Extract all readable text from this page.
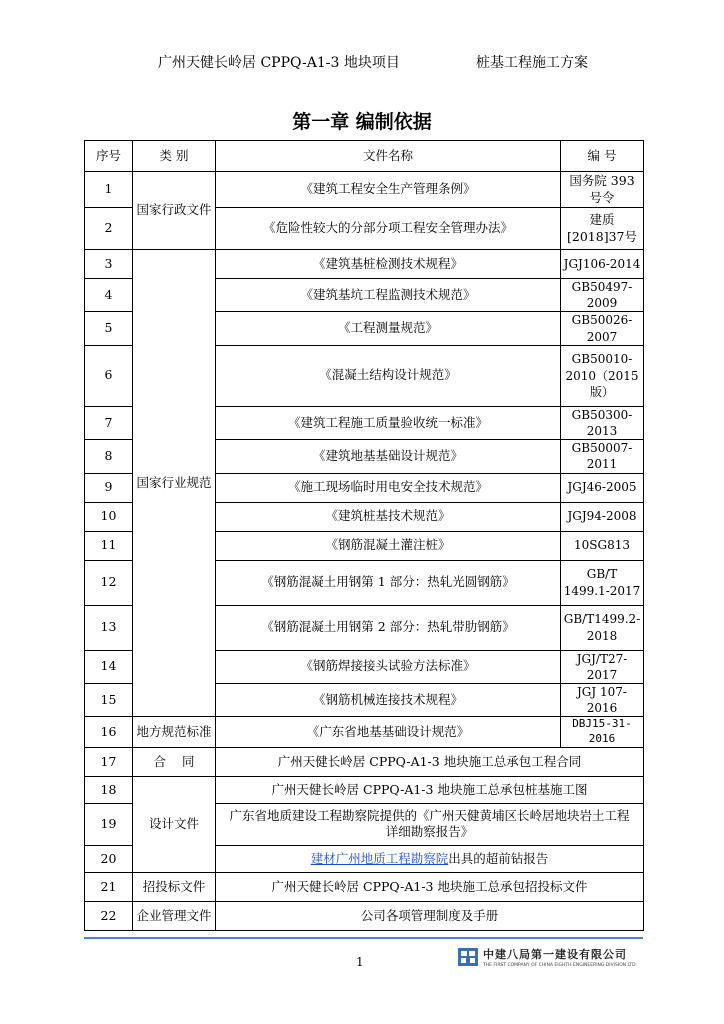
广州天健长岭居 CPPQ-A1-3 地块项目	桩基工程施工方案
第一章 编制依据
序号	类 别	文件名称	编 号
1	国家行政文件	《建筑工程安全生产管理条例》	国务院 393 号令
2		《危险性较大的分部分项工程安全管理办法》	建质[2018]37号
3	国家行业规范	《建筑基桩检测技术规程》	JGJ106-2014
4		《建筑基坑工程监测技术规范》	GB50497-2009
5		《工程测量规范》	GB50026-2007
6		《混凝土结构设计规范》	GB50010-2010（2015版）
7		《建筑工程施工质量验收统一标准》	GB50300-2013
8		《建筑地基基础设计规范》	GB50007-2011
9		《施工现场临时用电安全技术规范》	JGJ46-2005
10		《建筑桩基技术规范》	JGJ94-2008
11		《钢筋混凝土灌注桩》	10SG813
12		《钢筋混凝土用钢第 1 部分：热轧光圆钢筋》	GB/T 1499.1-2017
13		《钢筋混凝土用钢第 2 部分：热轧带肋钢筋》	GB/T1499.2-2018
14		《钢筋焊接接头试验方法标准》	JGJ/T27-2017
15		《钢筋机械连接技术规程》	JGJ 107-2016
16	地方规范标准	《广东省地基基础设计规范》	DBJ15-31-2016
17	合    同	广州天健长岭居 CPPQ-A1-3 地块施工总承包工程合同	
18	设计文件	广州天健长岭居 CPPQ-A1-3 地块施工总承包桩基施工图	
19		广东省地质建设工程勘察院提供的《广州天健黄埔区长岭居地块岩土工程详细勘察报告》	
20		建材广州地质工程勘察院出具的超前钻报告	
21	招投标文件	广州天健长岭居 CPPQ-A1-3 地块施工总承包招投标文件	
22	企业管理文件	公司各项管理制度及手册	
1
中建八局第一建设有限公司
THE FIRST COMPANY OF CHINA EIGHTH ENGINEERING DIVISION LTD
